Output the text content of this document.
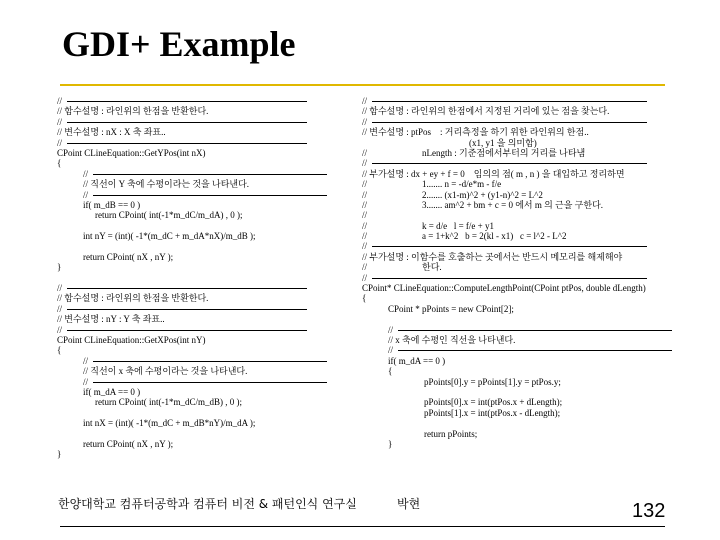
GDI+ Example
//
// 함수설명 : 라인위의 한점을 반환한다.
//
// 변수설명 : nX : X 축 좌표..
//
CPoint CLineEquation::GetYPos(int nX)
{
//
// 직선이 Y 축에 수평이라는 것을 나타낸다.
//
if( m_dB == 0 )
return CPoint( int(-1*m_dC/m_dA) , 0 );
int nY = (int)( -1*(m_dC + m_dA*nX)/m_dB );
return CPoint( nX , nY );
}
//
// 함수설명 : 라인위의 한점을 반환한다.
//
// 변수설명 : nY : Y 축 좌표..
//
CPoint CLineEquation::GetXPos(int nY)
{
//
// 직선이 x 축에 수평이라는 것을 나타낸다.
//
if( m_dA == 0 )
return CPoint( int(-1*m_dC/m_dB) , 0 );
int nX = (int)( -1*(m_dC + m_dB*nY)/m_dA );
return CPoint( nX , nY );
}
//
// 함수설명 : 라인위의 한점에서 지정된 거리에 있는 점을 찾는다.
//
// 변수설명 : ptPos    : 거리측정을 하기 위한 라인위의 한점..
(x1, y1 을 의미함)
//	nLength : 기준점에서부터의 거리를 나타냄
//
// 부가설명 : dx + ey + f = 0    임의의 점( m , n ) 을 대입하고 정리하면
//	1....... n = -d/e*m - f/e
//	2....... (x1-m)^2 + (y1-n)^2 = L^2
//	3....... am^2 + bm + c = 0 에서 m 의 근을 구한다.
//
//	k = d/e   l = f/e + y1
//	a = 1+k^2   b = 2(kl - x1)   c = l^2 - L^2
//
// 부가설명 : 이함수를 호출하는 곳에서는 반드시 메모리를 해제해야
//	한다.
//
CPoint* CLineEquation::ComputeLengthPoint(CPoint ptPos, double dLength)
{
CPoint * pPoints = new CPoint[2];
//
// x 축에 수평인 직선을 나타낸다.
//
if( m_dA == 0 )
{
pPoints[0].y = pPoints[1].y = ptPos.y;
pPoints[0].x = int(ptPos.x + dLength);
pPoints[1].x = int(ptPos.x - dLength);
return pPoints;
}
한양대학교 컴퓨터공학과 컴퓨터 비전 & 패턴인식 연구실	박현	132
